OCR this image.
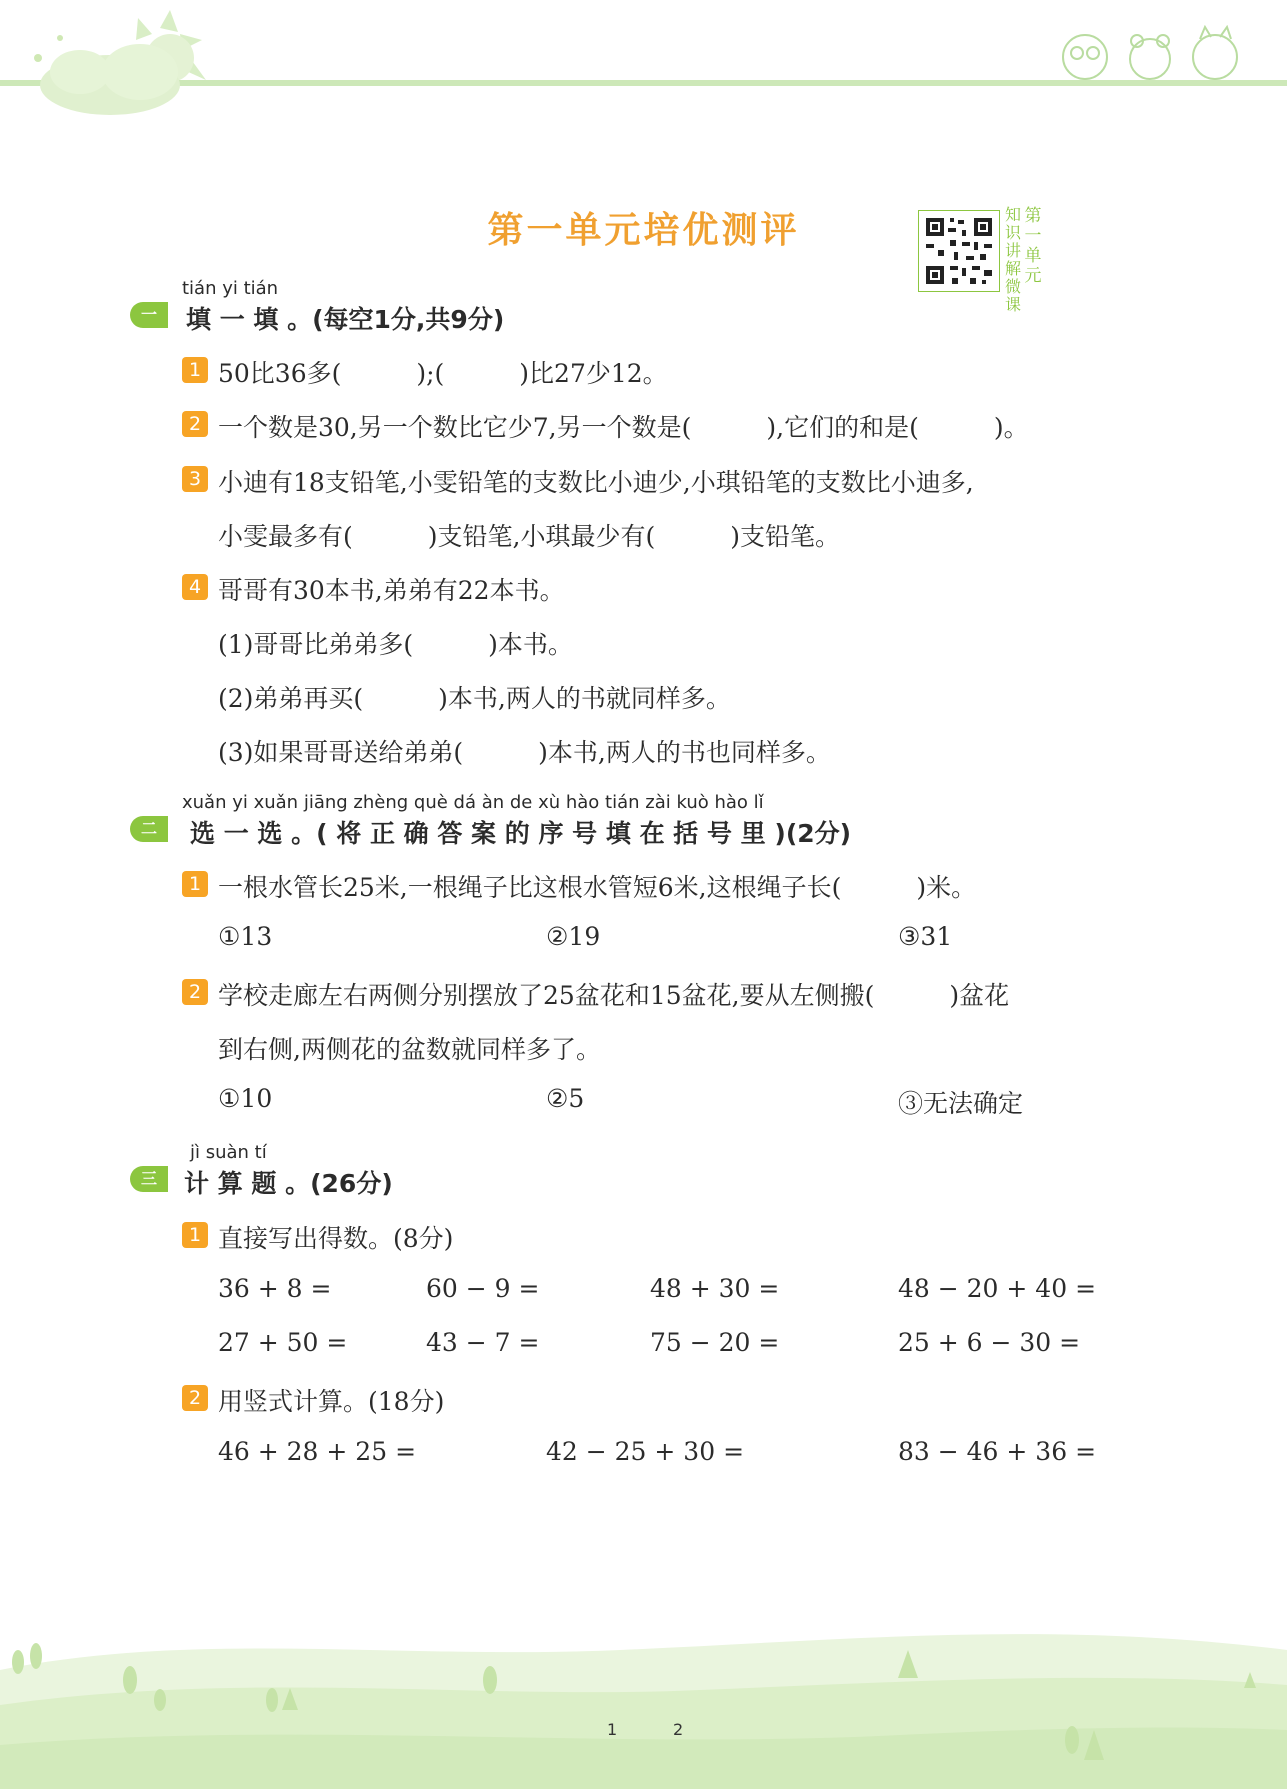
第一单元培优测评	知识讲解微课
第一单元
tián yi tián
一	填 一 填 。(每空1分,共9分)
1 50比36多(　　　);(　　　)比27少12。
2 一个数是30,另一个数比它少7,另一个数是(　　　),它们的和是(　　　)。
3 小迪有18支铅笔,小雯铅笔的支数比小迪少,小琪铅笔的支数比小迪多,
小雯最多有(　　　)支铅笔,小琪最少有(　　　)支铅笔。
4 哥哥有30本书,弟弟有22本书。
(1)哥哥比弟弟多(　　　)本书。
(2)弟弟再买(　　　)本书,两人的书就同样多。
(3)如果哥哥送给弟弟(　　　)本书,两人的书也同样多。
xuǎn yi xuǎn jiāng zhèng què dá àn de xù hào tián zài kuò hào lǐ
二	选 一 选 。( 将 正 确 答 案 的 序 号 填 在 括 号 里 )(2分)
1 一根水管长25米,一根绳子比这根水管短6米,这根绳子长(　　　)米。
①13	②19	③31
2 学校走廊左右两侧分别摆放了25盆花和15盆花,要从左侧搬(　　　)盆花
到右侧,两侧花的盆数就同样多了。
①10	②5	③无法确定
jì suàn tí
三	计 算 题 。(26分)
1 直接写出得数。(8分)
36 + 8 =	60 − 9 =	48 + 30 =	48 − 20 + 40 =
27 + 50 =	43 − 7 =	75 − 20 =	25 + 6 − 30 =
2 用竖式计算。(18分)
46 + 28 + 25 =	42 − 25 + 30 =	83 − 46 + 36 =
1	2
